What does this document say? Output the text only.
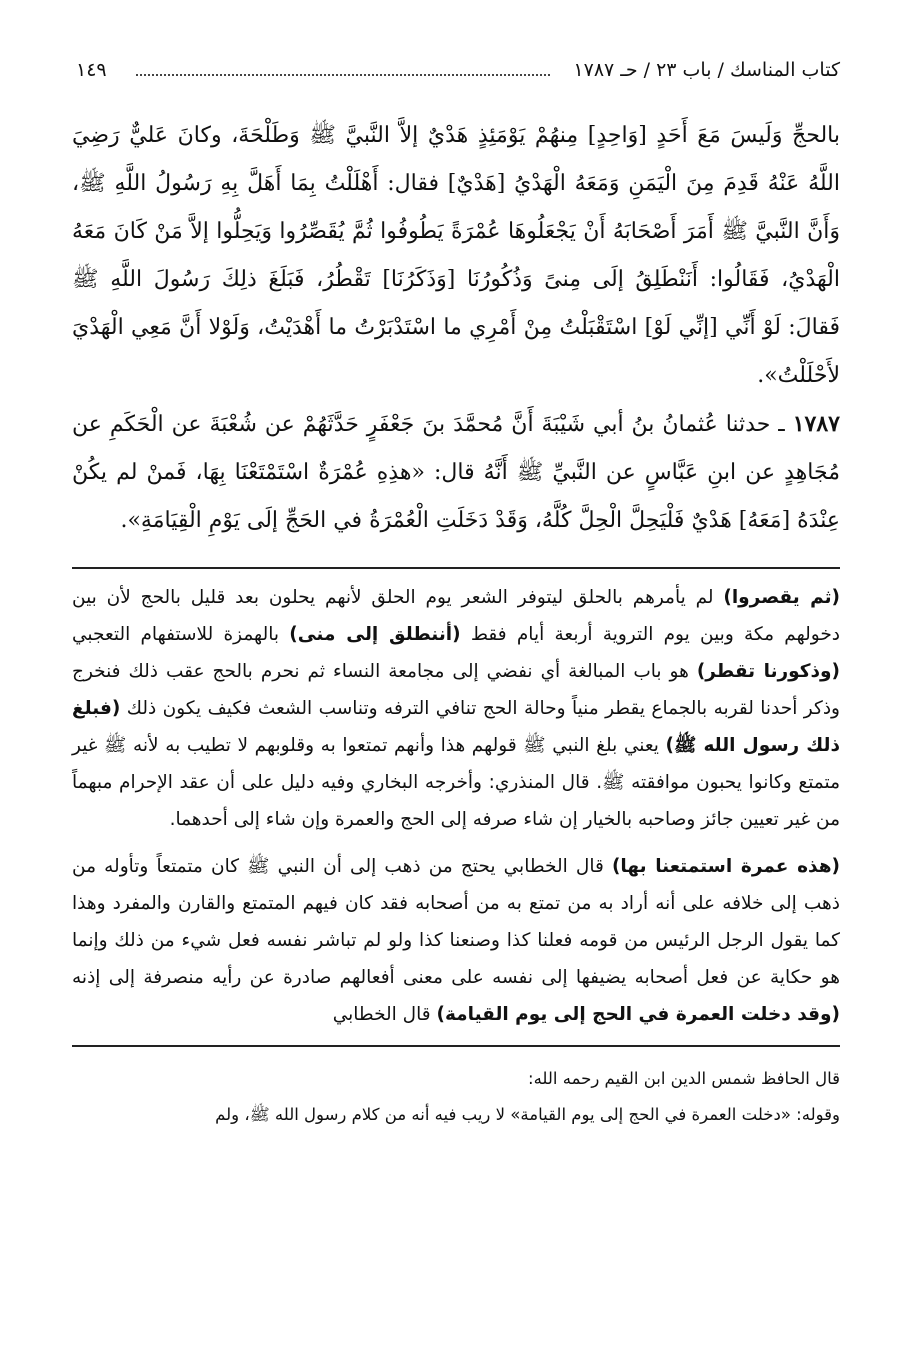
كتاب المناسك / باب ٢٣ / حـ ١٧٨٧
١٤٩

بالحجِّ وَلَيسَ مَعَ أَحَدٍ [وَاحِدٍ] مِنهُمْ يَوْمَئِذٍ هَدْيٌ إلاَّ النَّبيَّ ﷺ وَطَلْحَةَ، وكانَ عَليٌّ رَضِيَ اللَّهُ عَنْهُ قَدِمَ مِنَ الْيَمَنِ وَمَعَهُ الْهَدْيُ [هَدْيٌ] فقال: أَهْلَلْتُ بِمَا أَهَلَّ بِهِ رَسُولُ اللَّهِ ﷺ، وَأَنَّ النَّبيَّ ﷺ أَمَرَ أَصْحَابَهُ أَنْ يَجْعَلُوهَا عُمْرَةً يَطُوفُوا ثُمَّ يُقَصِّرُوا وَيَحِلُّوا إلاَّ مَنْ كَانَ مَعَهُ الْهَدْيُ، فَقَالُوا: أَنَنْطَلِقُ إلَى مِنىً وَذُكُورُنَا [وَذَكَرُنَا] تَقْطُرُ، فَبَلَغَ ذلِكَ رَسُولَ اللَّهِ ﷺ فَقالَ: لَوْ أَنِّي [إنِّي لَوْ] اسْتَقْبَلْتُ مِنْ أَمْرِي ما اسْتَدْبَرْتُ ما أَهْدَيْتُ، وَلَوْلا أَنَّ مَعِي الْهَدْيَ لأَحْلَلْتُ».

١٧٨٧ ـ حدثنا عُثمانُ بنُ أبي شَيْبَةَ أَنَّ مُحمَّدَ بنَ جَعْفَرٍ حَدَّثَهُمْ عن شُعْبَةَ عن الْحَكَمِ عن مُجَاهِدٍ عن ابنِ عَبَّاسٍ عن النَّبيِّ ﷺ أَنَّهُ قال: «هذِهِ عُمْرَةٌ اسْتَمْتَعْنَا بِهَا، فَمنْ لم يكُنْ عِنْدَهُ [مَعَهُ] هَدْيٌ فَلْيَحِلَّ الْحِلَّ كُلَّهُ، وَقَدْ دَخَلَتِ الْعُمْرَةُ في الحَجِّ إلَى يَوْمِ الْقِيَامَةِ».

(ثم يقصروا) لم يأمرهم بالحلق ليتوفر الشعر يوم الحلق لأنهم يحلون بعد قليل بالحج لأن بين دخولهم مكة وبين يوم التروية أربعة أيام فقط (أننطلق إلى منى) بالهمزة للاستفهام التعجبي (وذكورنا تقطر) هو باب المبالغة أي نفضي إلى مجامعة النساء ثم نحرم بالحج عقب ذلك فنخرج وذكر أحدنا لقربه بالجماع يقطر منياً وحالة الحج تنافي الترفه وتناسب الشعث فكيف يكون ذلك (فبلغ ذلك رسول الله ﷺ) يعني بلغ النبي ﷺ قولهم هذا وأنهم تمتعوا به وقلوبهم لا تطيب به لأنه ﷺ غير متمتع وكانوا يحبون موافقته ﷺ. قال المنذري: وأخرجه البخاري وفيه دليل على أن عقد الإحرام مبهماً من غير تعيين جائز وصاحبه بالخيار إن شاء صرفه إلى الحج والعمرة وإن شاء إلى أحدهما.

(هذه عمرة استمتعنا بها) قال الخطابي يحتج من ذهب إلى أن النبي ﷺ كان متمتعاً وتأوله من ذهب إلى خلافه على أنه أراد به من تمتع به من أصحابه فقد كان فيهم المتمتع والقارن والمفرد وهذا كما يقول الرجل الرئيس من قومه فعلنا كذا وصنعنا كذا ولو لم تباشر نفسه فعل شيء من ذلك وإنما هو حكاية عن فعل أصحابه يضيفها إلى نفسه على معنى أفعالهم صادرة عن رأيه منصرفة إلى إذنه (وقد دخلت العمرة في الحج إلى يوم القيامة) قال الخطابي

قال الحافظ شمس الدين ابن القيم رحمه الله:

وقوله: «دخلت العمرة في الحج إلى يوم القيامة» لا ريب فيه أنه من كلام رسول الله ﷺ، ولم
